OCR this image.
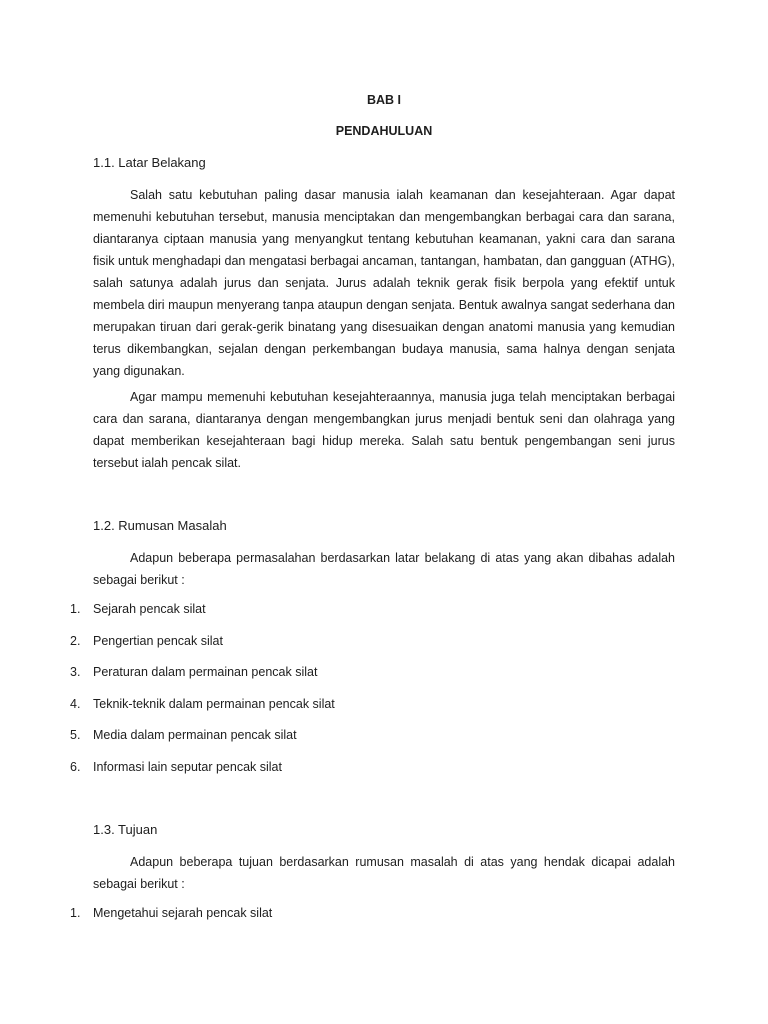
BAB I
PENDAHULUAN
1.1. Latar Belakang

Salah satu kebutuhan paling dasar manusia ialah keamanan dan kesejahteraan. Agar dapat memenuhi kebutuhan tersebut, manusia menciptakan dan mengembangkan berbagai cara dan sarana, diantaranya ciptaan manusia yang menyangkut tentang kebutuhan keamanan, yakni cara dan sarana fisik untuk menghadapi dan mengatasi berbagai ancaman, tantangan, hambatan, dan gangguan (ATHG), salah satunya adalah jurus dan senjata. Jurus adalah teknik gerak fisik berpola yang efektif untuk membela diri maupun menyerang tanpa ataupun dengan senjata. Bentuk awalnya sangat sederhana dan merupakan tiruan dari gerak-gerik binatang yang disesuaikan dengan anatomi manusia yang kemudian terus dikembangkan, sejalan dengan perkembangan budaya manusia, sama halnya dengan senjata yang digunakan.

Agar mampu memenuhi kebutuhan kesejahteraannya, manusia juga telah menciptakan berbagai cara dan sarana, diantaranya dengan mengembangkan jurus menjadi bentuk seni dan olahraga yang dapat memberikan kesejahteraan bagi hidup mereka. Salah satu bentuk pengembangan seni jurus tersebut ialah pencak silat.

1.2. Rumusan Masalah

Adapun beberapa permasalahan berdasarkan latar belakang di atas yang akan dibahas adalah sebagai berikut :

1. Sejarah pencak silat
2. Pengertian pencak silat
3. Peraturan dalam permainan pencak silat
4. Teknik-teknik dalam permainan pencak silat
5. Media dalam permainan pencak silat
6. Informasi lain seputar pencak silat
1.3. Tujuan

Adapun beberapa tujuan berdasarkan rumusan masalah di atas yang hendak dicapai adalah sebagai berikut :

1. Mengetahui sejarah pencak silat
